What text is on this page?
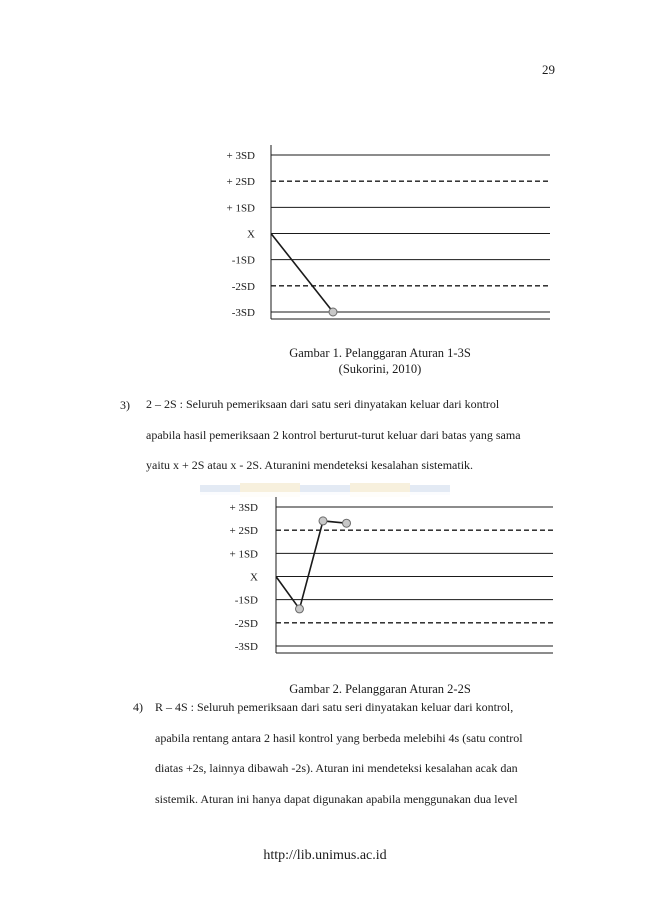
29
+ 3SD
+ 2SD
+ 1SD
X
-1SD
-2SD
-3SD
Gambar 1. Pelanggaran Aturan 1-3S
(Sukorini, 2010)
3) 2 – 2S : Seluruh pemeriksaan dari satu seri dinyatakan keluar dari kontrol
apabila hasil pemeriksaan 2 kontrol berturut-turut keluar dari batas yang sama
yaitu x + 2S atau x - 2S. Aturanini mendeteksi kesalahan sistematik.
+ 3SD
+ 2SD
+ 1SD
X
-1SD
-2SD
-3SD
Gambar 2. Pelanggaran Aturan 2-2S
4) R – 4S : Seluruh pemeriksaan dari satu seri dinyatakan keluar dari kontrol,
apabila rentang antara 2 hasil kontrol yang berbeda melebihi 4s (satu control
diatas +2s, lainnya dibawah -2s). Aturan ini mendeteksi kesalahan acak dan
sistemik. Aturan ini hanya dapat digunakan apabila menggunakan dua level
http://lib.unimus.ac.id
